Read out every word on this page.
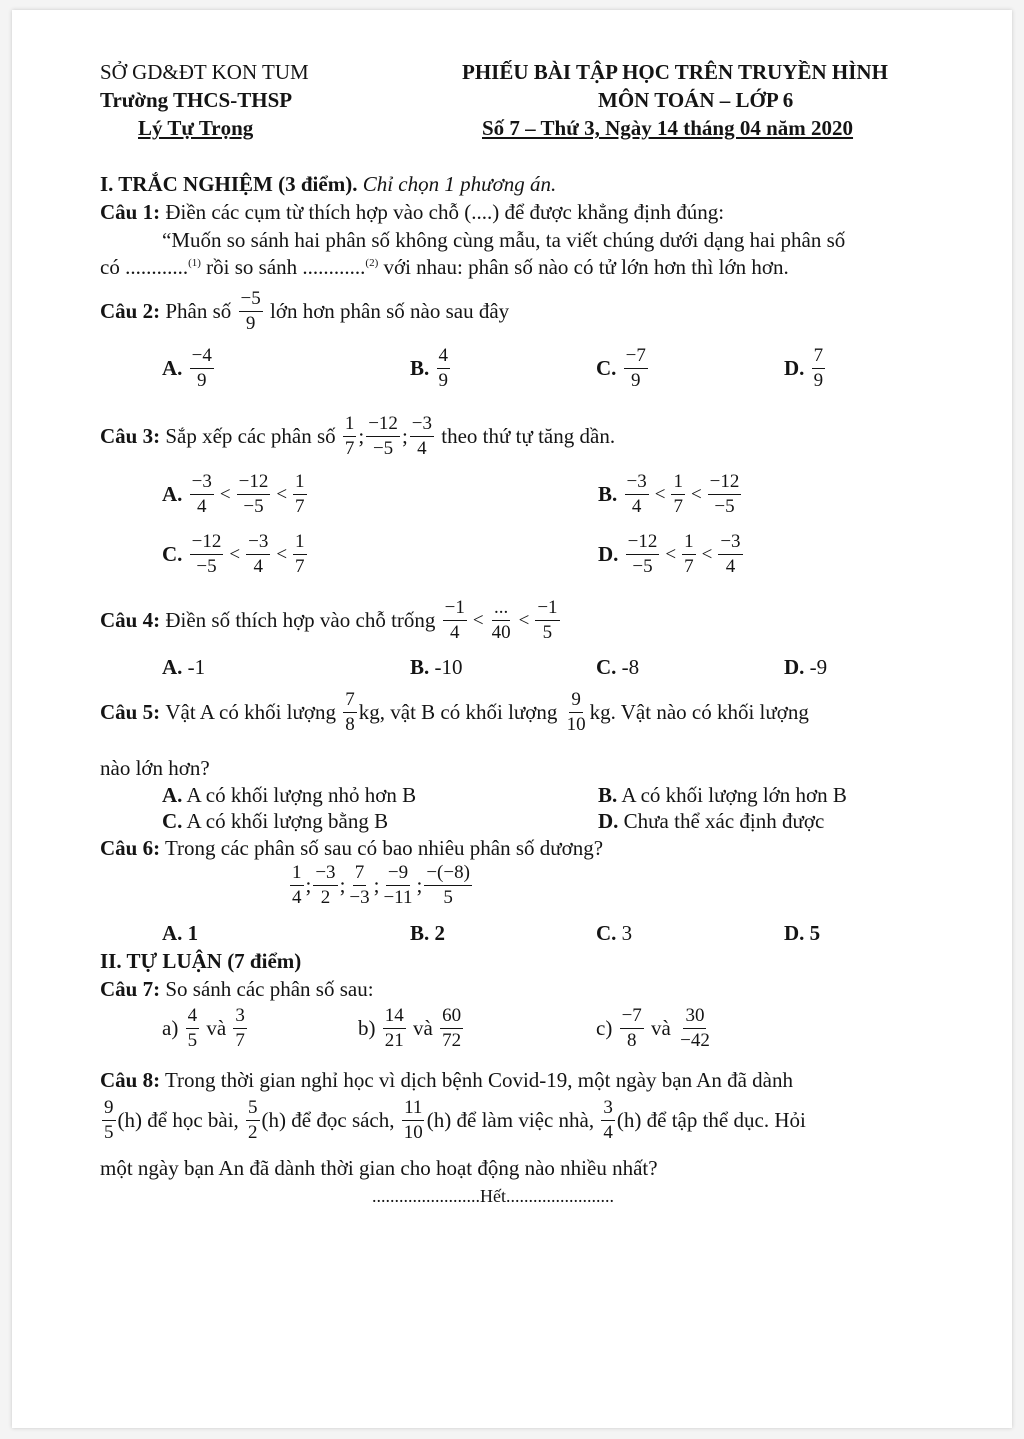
SỞ GD&ĐT KON TUM
Trường THCS-THSP
Lý Tự Trọng
PHIẾU BÀI TẬP HỌC TRÊN TRUYỀN HÌNH
MÔN TOÁN – LỚP 6
Số 7 – Thứ 3, Ngày 14 tháng 04 năm 2020
I. TRẮC NGHIỆM (3 điểm). Chỉ chọn 1 phương án.
Câu 1: Điền các cụm từ thích hợp vào chỗ (....) để được khẳng định đúng:
“Muốn so sánh hai phân số không cùng mẫu, ta viết chúng dưới dạng hai phân số
có ............$^{(1)}$ rồi so sánh ............$^{(2)}$ với nhau: phân số nào có tử lớn hơn thì lớn hơn.
Câu 2:
Phân số
$\frac{-5}{9}$
lớn hơn phân số nào sau đây
A.
$\frac{-4}{9}$	B.
$\frac{4}{9}$	C.
$\frac{-7}{9}$	D.
$\frac{7}{9}$
Câu 3:
Sắp xếp các phân số
$\frac{1}{7}$ ; $\frac{-12}{-5}$ ; $\frac{-3}{4}$
theo thứ tự tăng dần.
A.
$\frac{-3}{4} < \frac{-12}{-5} < \frac{1}{7}$	B.
$\frac{-3}{4} < \frac{1}{7} < \frac{-12}{-5}$
C.
$\frac{-12}{-5} < \frac{-3}{4} < \frac{1}{7}$	D.
$\frac{-12}{-5} < \frac{1}{7} < \frac{-3}{4}$
Câu 4:
Điền số thích hợp vào chỗ trống
$\frac{-1}{4} < \frac{...}{40} < \frac{-1}{5}$
A. -1	B. -10	C. -8	D. -9
Câu 5:
Vật A có khối lượng
$\frac{7}{8}$ kg , vật B có khối lượng
$\frac{9}{10}$ kg . Vật nào có khối lượng
nào lớn hơn?
A. A có khối lượng nhỏ hơn B	B. A có khối lượng lớn hơn B
C. A có khối lượng bằng B	D. Chưa thể xác định được
Câu 6: Trong các phân số sau có bao nhiêu phân số dương?
$\frac{1}{4}$ ; $\frac{-3}{2}$ ; $\frac{7}{-3}$ ; $\frac{-9}{-11}$ ; $\frac{-(-8)}{5}$
A. 1	B. 2	C. 3	D. 5
II. TỰ LUẬN (7 điểm)
Câu 7: So sánh các phân số sau:
a)
$\frac{4}{5}$
và
$\frac{3}{7}$	b)
$\frac{14}{21}$
và
$\frac{60}{72}$	c)
$\frac{-7}{8}$
và
$\frac{30}{-42}$
Câu 8: Trong thời gian nghỉ học vì dịch bệnh Covid-19, một ngày bạn An đã dành
$\frac{9}{5} (h)$
để học bài,
$\frac{5}{2} (h)$
để đọc sách,
$\frac{11}{10} (h)$
để làm việc nhà,
$\frac{3}{4} (h)$
để tập thể dục. Hỏi
một ngày bạn An đã dành thời gian cho hoạt động nào nhiều nhất?
........................Hết........................
